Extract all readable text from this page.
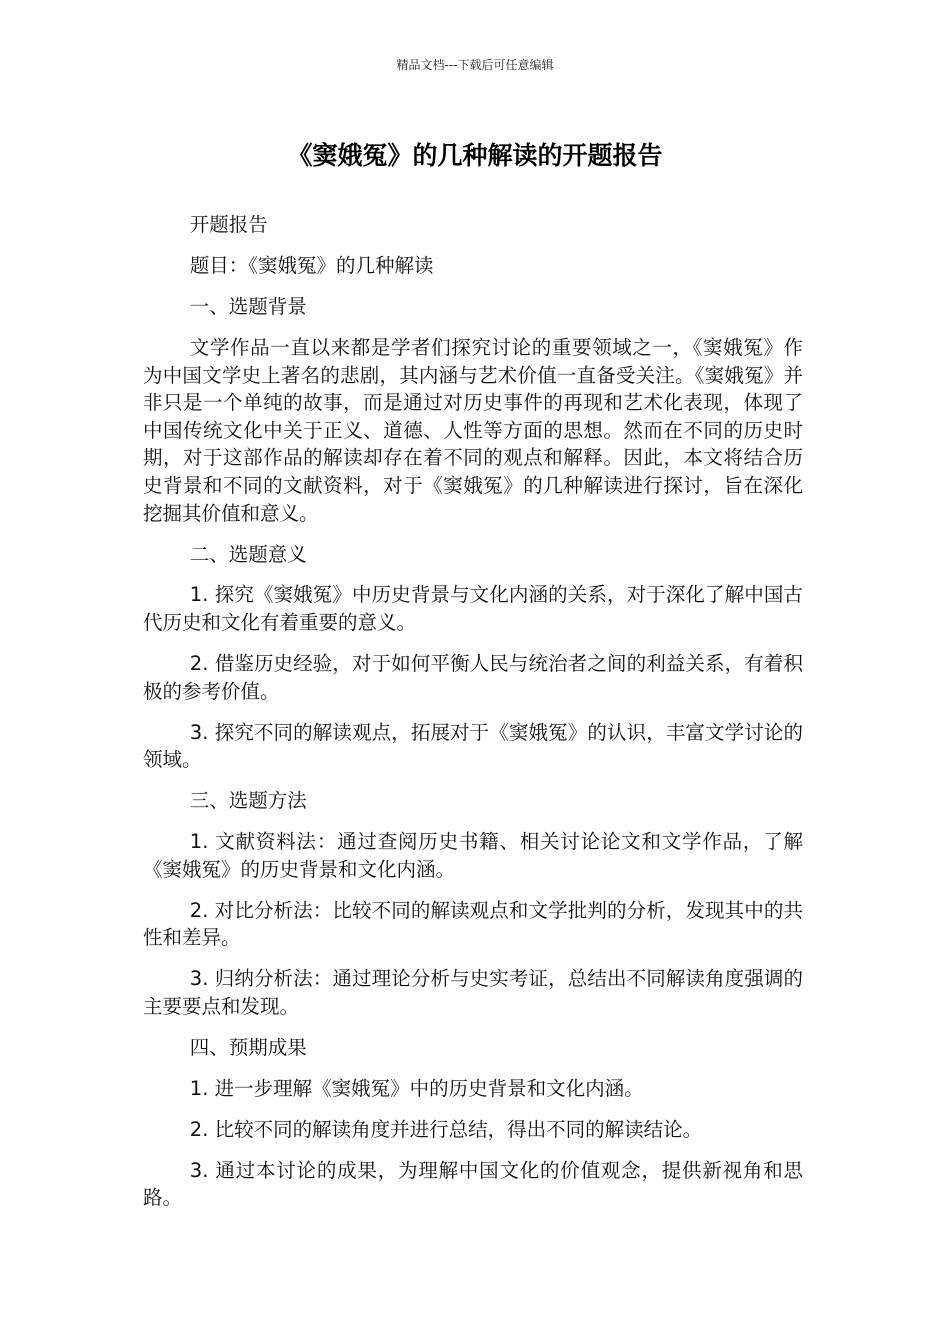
精品文档---下载后可任意编辑
《窦娥冤》的几种解读的开题报告

开题报告

题目：《窦娥冤》的几种解读

一、选题背景

文学作品一直以来都是学者们探究讨论的重要领域之一，《窦娥冤》作为中国文学史上著名的悲剧，其内涵与艺术价值一直备受关注。《窦娥冤》并非只是一个单纯的故事，而是通过对历史事件的再现和艺术化表现，体现了中国传统文化中关于正义、道德、人性等方面的思想。然而在不同的历史时期，对于这部作品的解读却存在着不同的观点和解释。因此，本文将结合历史背景和不同的文献资料，对于《窦娥冤》的几种解读进行探讨，旨在深化挖掘其价值和意义。

二、选题意义

1. 探究《窦娥冤》中历史背景与文化内涵的关系，对于深化了解中国古代历史和文化有着重要的意义。

2. 借鉴历史经验，对于如何平衡人民与统治者之间的利益关系，有着积极的参考价值。

3. 探究不同的解读观点，拓展对于《窦娥冤》的认识，丰富文学讨论的领域。

三、选题方法

1. 文献资料法：通过查阅历史书籍、相关讨论论文和文学作品，了解《窦娥冤》的历史背景和文化内涵。

2. 对比分析法：比较不同的解读观点和文学批判的分析，发现其中的共性和差异。

3. 归纳分析法：通过理论分析与史实考证，总结出不同解读角度强调的主要要点和发现。

四、预期成果

1. 进一步理解《窦娥冤》中的历史背景和文化内涵。

2. 比较不同的解读角度并进行总结，得出不同的解读结论。

3. 通过本讨论的成果，为理解中国文化的价值观念，提供新视角和思路。
